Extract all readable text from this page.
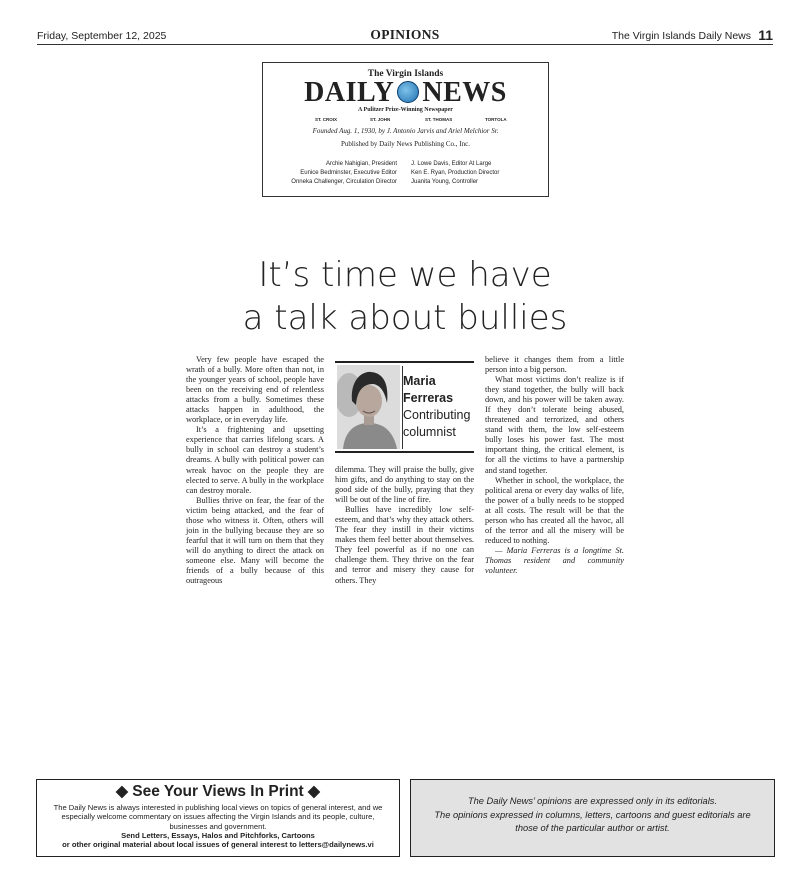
Friday, September 12, 2025	OPINIONS	The Virgin Islands Daily News 11
The Virgin Islands
DAILY NEWS
A Pulitzer Prize-Winning Newspaper
ST. CROIX	ST. JOHN	ST. THOMAS	TORTOLA
Founded Aug. 1, 1930, by J. Antonio Jarvis and Ariel Melchior Sr.
Published by Daily News Publishing Co., Inc.
Archie Nahigian, President
Eunice Bedminster, Executive Editor
Onneka Challenger, Circulation Director
J. Lowe Davis, Editor At Large
Ken E. Ryan, Production Director
Juanita Young, Controller
It’s time we have
a talk about bullies

Very few people have escaped the wrath of a bully. More often than not, in the younger years of school, people have been on the receiving end of relentless attacks from a bully. Sometimes these attacks happen in adulthood, the workplace, or in everyday life.

It’s a frightening and upsetting experience that carries lifelong scars. A bully in school can destroy a student’s dreams. A bully with political power can wreak havoc on the people they are elected to serve. A bully in the workplace can destroy morale.

Bullies thrive on fear, the fear of the victim being attacked, and the fear of those who witness it. Often, others will join in the bullying because they are so fearful that it will turn on them that they will do anything to direct the attack on someone else. Many will become the friends of a bully because of this outrageous

Maria
Ferreras
Contributing
columnist

dilemma. They will praise the bully, give him gifts, and do anything to stay on the good side of the bully, praying that they will be out of the line of fire.

Bullies have incredibly low self-esteem, and that’s why they attack others. The fear they instill in their victims makes them feel better about themselves. They feel powerful as if no one can challenge them. They thrive on the fear and terror and misery they cause for others. They

believe it changes them from a little person into a big person.

What most victims don’t realize is if they stand together, the bully will back down, and his power will be taken away. If they don’t tolerate being abused, threatened and terrorized, and others stand with them, the low self-esteem bully loses his power fast. The most important thing, the critical element, is for all the victims to have a partnership and stand together.

Whether in school, the workplace, the political arena or every day walks of life, the power of a bully needs to be stopped at all costs. The result will be that the person who has created all the havoc, all of the terror and all the misery will be reduced to nothing.

— Maria Ferreras is a longtime St. Thomas resident and community volunteer.

◆ See Your Views In Print ◆
The Daily News is always interested in publishing local views on topics of general interest, and we especially welcome commentary on issues affecting the Virgin Islands and its people, culture, businesses and government.
Send Letters, Essays, Halos and Pitchforks, Cartoons
or other original material about local issues of general interest to letters@dailynews.vi
The Daily News’ opinions are expressed only in its editorials.
The opinions expressed in columns, letters, cartoons and guest editorials are those of the particular author or artist.
